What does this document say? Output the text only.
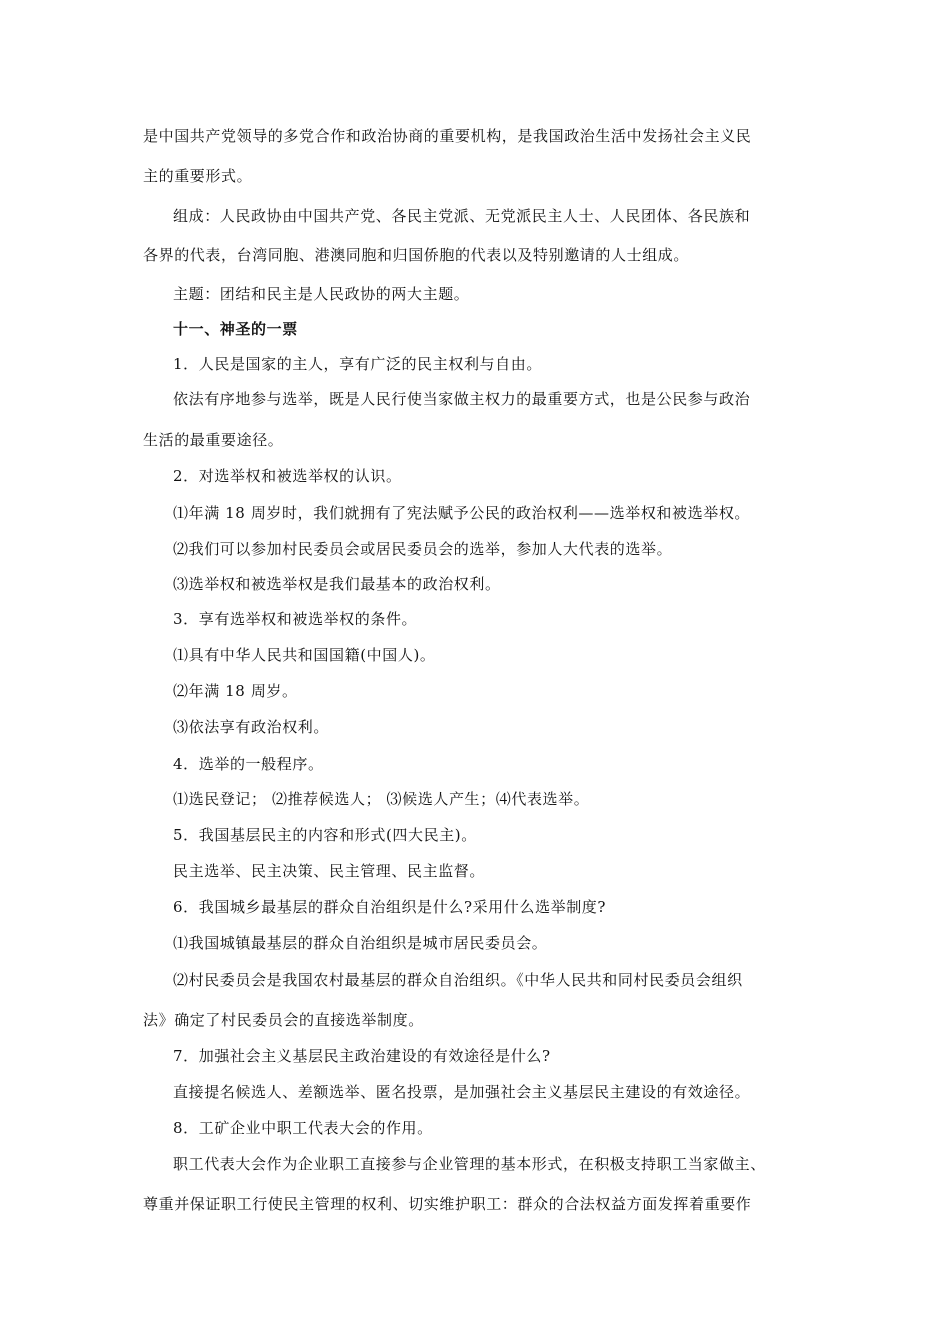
是中国共产党领导的多党合作和政治协商的重要机构，是我国政治生活中发扬社会主义民
主的重要形式。
组成：人民政协由中国共产党、各民主党派、无党派民主人士、人民团体、各民族和
各界的代表，台湾同胞、港澳同胞和归国侨胞的代表以及特别邀请的人士组成。
主题：团结和民主是人民政协的两大主题。
十一、神圣的一票
1．人民是国家的主人，享有广泛的民主权利与自由。
依法有序地参与选举，既是人民行使当家做主权力的最重要方式，也是公民参与政治
生活的最重要途径。
2．对选举权和被选举权的认识。
⑴年满 18 周岁时，我们就拥有了宪法赋予公民的政治权利——选举权和被选举权。
⑵我们可以参加村民委员会或居民委员会的选举，参加人大代表的选举。
⑶选举权和被选举权是我们最基本的政治权利。
3．享有选举权和被选举权的条件。
⑴具有中华人民共和国国籍(中国人)。
⑵年满 18 周岁。
⑶依法享有政治权利。
4．选举的一般程序。
⑴选民登记； ⑵推荐候选人； ⑶候选人产生；⑷代表选举。
5．我国基层民主的内容和形式(四大民主)。
民主选举、民主决策、民主管理、民主监督。
6．我国城乡最基层的群众自治组织是什么?采用什么选举制度?
⑴我国城镇最基层的群众自治组织是城市居民委员会。
⑵村民委员会是我国农村最基层的群众自治组织。《中华人民共和同村民委员会组织
法》确定了村民委员会的直接选举制度。
7．加强社会主义基层民主政治建设的有效途径是什么?
直接提名候选人、差额选举、匿名投票，是加强社会主义基层民主建设的有效途径。
8．工矿企业中职工代表大会的作用。
职工代表大会作为企业职工直接参与企业管理的基本形式，在积极支持职工当家做主、
尊重并保证职工行使民主管理的权利、切实维护职工：群众的合法权益方面发挥着重要作
